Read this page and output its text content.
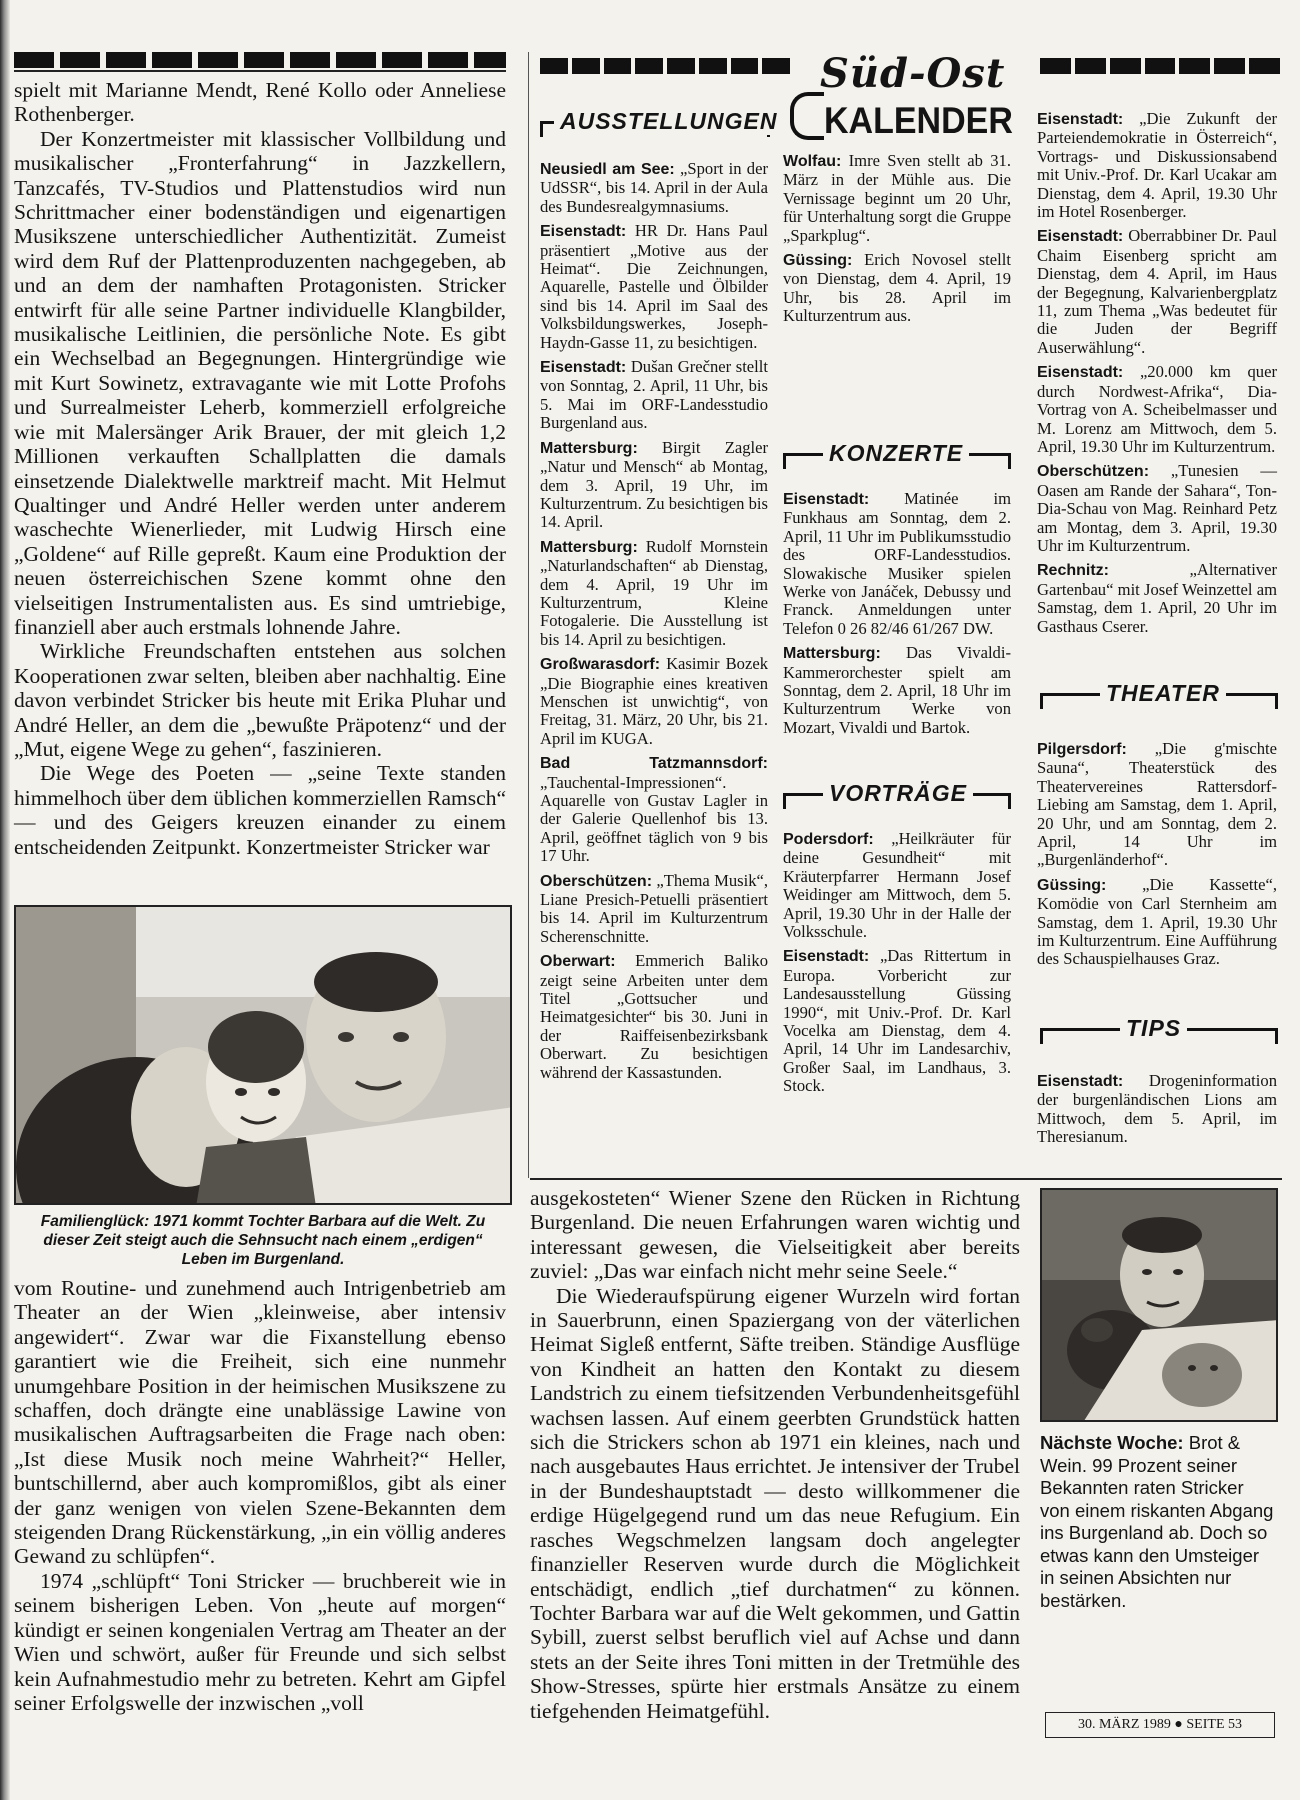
spielt mit Marianne Mendt, René Kollo oder Anneliese Rothenberger.

Der Konzertmeister mit klassischer Vollbildung und musikalischer „Fronterfahrung“ in Jazzkellern, Tanzcafés, TV-Studios und Plattenstudios wird nun Schrittmacher einer bodenständigen und eigenartigen Musikszene unterschiedlicher Authentizität. Zumeist wird dem Ruf der Plattenproduzenten nachgegeben, ab und an dem der namhaften Protagonisten. Stricker entwirft für alle seine Partner individuelle Klangbilder, musikalische Leitlinien, die persönliche Note. Es gibt ein Wechselbad an Begegnungen. Hintergründige wie mit Kurt Sowinetz, extravagante wie mit Lotte Profohs und Surrealmeister Leherb, kommerziell erfolgreiche wie mit Malersänger Arik Brauer, der mit gleich 1,2 Millionen verkauften Schallplatten die damals einsetzende Dialektwelle marktreif macht. Mit Helmut Qualtinger und André Heller werden unter anderem waschechte Wienerlieder, mit Ludwig Hirsch eine „Goldene“ auf Rille gepreßt. Kaum eine Produktion der neuen österreichischen Szene kommt ohne den vielseitigen Instrumentalisten aus. Es sind umtriebige, finanziell aber auch erstmals lohnende Jahre.

Wirkliche Freundschaften entstehen aus solchen Kooperationen zwar selten, bleiben aber nachhaltig. Eine davon verbindet Stricker bis heute mit Erika Pluhar und André Heller, an dem die „bewußte Präpotenz“ und der „Mut, eigene Wege zu gehen“, faszinieren.

Die Wege des Poeten — „seine Texte standen himmelhoch über dem üblichen kommerziellen Ramsch“ — und des Geigers kreuzen einander zu einem entscheidenden Zeitpunkt. Konzertmeister Stricker war

Familienglück: 1971 kommt Tochter Barbara auf die Welt. Zu dieser Zeit steigt auch die Sehnsucht nach einem „erdigen“ Leben im Burgenland.

vom Routine- und zunehmend auch Intrigenbetrieb am Theater an der Wien „kleinweise, aber intensiv angewidert“. Zwar war die Fixanstellung ebenso garantiert wie die Freiheit, sich eine nunmehr unumgehbare Position in der heimischen Musikszene zu schaffen, doch drängte eine unablässige Lawine von musikalischen Auftragsarbeiten die Frage nach oben: „Ist diese Musik noch meine Wahrheit?“ Heller, buntschillernd, aber auch kompromißlos, gibt als einer der ganz wenigen von vielen Szene-Bekannten dem steigenden Drang Rückenstärkung, „in ein völlig anderes Gewand zu schlüpfen“.

1974 „schlüpft“ Toni Stricker — bruchbereit wie in seinem bisherigen Leben. Von „heute auf morgen“ kündigt er seinen kongenialen Vertrag am Theater an der Wien und schwört, außer für Freunde und sich selbst kein Aufnahmestudio mehr zu betreten. Kehrt am Gipfel seiner Erfolgswelle der inzwischen „voll

Süd-Ost
KALENDER
AUSSTELLUNGEN

Neusiedl am See: „Sport in der UdSSR“, bis 14. April in der Aula des Bundesrealgymnasiums.

Eisenstadt: HR Dr. Hans Paul präsentiert „Motive aus der Heimat“. Die Zeichnungen, Aquarelle, Pastelle und Ölbilder sind bis 14. April im Saal des Volksbildungswerkes, Joseph-Haydn-Gasse 11, zu besichtigen.

Eisenstadt: Dušan Grečner stellt von Sonntag, 2. April, 11 Uhr, bis 5. Mai im ORF-Landesstudio Burgenland aus.

Mattersburg: Birgit Zagler „Natur und Mensch“ ab Montag, dem 3. April, 19 Uhr, im Kulturzentrum. Zu besichtigen bis 14. April.

Mattersburg: Rudolf Mornstein „Naturlandschaften“ ab Dienstag, dem 4. April, 19 Uhr im Kulturzentrum, Kleine Fotogalerie. Die Ausstellung ist bis 14. April zu besichtigen.

Großwarasdorf: Kasimir Bozek „Die Biographie eines kreativen Menschen ist unwichtig“, von Freitag, 31. März, 20 Uhr, bis 21. April im KUGA.

Bad Tatzmannsdorf: „Tauchental-Impressionen“. Aquarelle von Gustav Lagler in der Galerie Quellenhof bis 13. April, geöffnet täglich von 9 bis 17 Uhr.

Oberschützen: „Thema Musik“, Liane Presich-Petuelli präsentiert bis 14. April im Kulturzentrum Scherenschnitte.

Oberwart: Emmerich Baliko zeigt seine Arbeiten unter dem Titel „Gottsucher und Heimatgesichter“ bis 30. Juni in der Raiffeisenbezirksbank Oberwart. Zu besichtigen während der Kassastunden.

Wolfau: Imre Sven stellt ab 31. März in der Mühle aus. Die Vernissage beginnt um 20 Uhr, für Unterhaltung sorgt die Gruppe „Sparkplug“.

Güssing: Erich Novosel stellt von Dienstag, dem 4. April, 19 Uhr, bis 28. April im Kulturzentrum aus.

KONZERTE

Eisenstadt: Matinée im Funkhaus am Sonntag, dem 2. April, 11 Uhr im Publikumsstudio des ORF-Landesstudios. Slowakische Musiker spielen Werke von Janáček, Debussy und Franck. Anmeldungen unter Telefon 0 26 82/46 61/267 DW.

Mattersburg: Das Vivaldi-Kammerorchester spielt am Sonntag, dem 2. April, 18 Uhr im Kulturzentrum Werke von Mozart, Vivaldi und Bartok.

VORTRÄGE

Podersdorf: „Heilkräuter für deine Gesundheit“ mit Kräuterpfarrer Hermann Josef Weidinger am Mittwoch, dem 5. April, 19.30 Uhr in der Halle der Volksschule.

Eisenstadt: „Das Rittertum in Europa. Vorbericht zur Landesausstellung Güssing 1990“, mit Univ.-Prof. Dr. Karl Vocelka am Dienstag, dem 4. April, 14 Uhr im Landesarchiv, Großer Saal, im Landhaus, 3. Stock.

Eisenstadt: „Die Zukunft der Parteiendemokratie in Österreich“, Vortrags- und Diskussionsabend mit Univ.-Prof. Dr. Karl Ucakar am Dienstag, dem 4. April, 19.30 Uhr im Hotel Rosenberger.

Eisenstadt: Oberrabbiner Dr. Paul Chaim Eisenberg spricht am Dienstag, dem 4. April, im Haus der Begegnung, Kalvarienbergplatz 11, zum Thema „Was bedeutet für die Juden der Begriff Auserwählung“.

Eisenstadt: „20.000 km quer durch Nordwest-Afrika“, Dia-Vortrag von A. Scheibelmasser und M. Lorenz am Mittwoch, dem 5. April, 19.30 Uhr im Kulturzentrum.

Oberschützen: „Tunesien — Oasen am Rande der Sahara“, Ton-Dia-Schau von Mag. Reinhard Petz am Montag, dem 3. April, 19.30 Uhr im Kulturzentrum.

Rechnitz:	„Alternativer Gartenbau“ mit Josef Weinzettel am Samstag, dem 1. April, 20 Uhr im Gasthaus Cserer.

THEATER

Pilgersdorf: „Die g'mischte Sauna“, Theaterstück des Theatervereines Rattersdorf-Liebing am Samstag, dem 1. April, 20 Uhr, und am Sonntag, dem 2. April, 14 Uhr im „Burgenländerhof“.

Güssing: „Die Kassette“, Komödie von Carl Sternheim am Samstag, dem 1. April, 19.30 Uhr im Kulturzentrum. Eine Aufführung des Schauspielhauses Graz.

TIPS

Eisenstadt: Drogeninformation der burgenländischen Lions am Mittwoch, dem 5. April, im Theresianum.

ausgekosteten“ Wiener Szene den Rücken in Richtung Burgenland. Die neuen Erfahrungen waren wichtig und interessant gewesen, die Vielseitigkeit aber bereits zuviel: „Das war einfach nicht mehr seine Seele.“

Die Wiederaufspürung eigener Wurzeln wird fortan in Sauerbrunn, einen Spaziergang von der väterlichen Heimat Sigleß entfernt, Säfte treiben. Ständige Ausflüge von Kindheit an hatten den Kontakt zu diesem Landstrich zu einem tiefsitzenden Verbundenheitsgefühl wachsen lassen. Auf einem geerbten Grundstück hatten sich die Strickers schon ab 1971 ein kleines, nach und nach ausgebautes Haus errichtet. Je intensiver der Trubel in der Bundeshauptstadt — desto willkommener die erdige Hügelgegend rund um das neue Refugium. Ein rasches Wegschmelzen langsam doch angelegter finanzieller Reserven wurde durch die Möglichkeit entschädigt, endlich „tief durchatmen“ zu können. Tochter Barbara war auf die Welt gekommen, und Gattin Sybill, zuerst selbst beruflich viel auf Achse und dann stets an der Seite ihres Toni mitten in der Tretmühle des Show-Stresses, spürte hier erstmals Ansätze zu einem tiefgehenden Heimatgefühl.

Nächste Woche: Brot & Wein. 99 Prozent seiner Bekannten raten Stricker von einem riskanten Abgang ins Burgenland ab. Doch so etwas kann den Umsteiger in seinen Absichten nur bestärken.
30. MÄRZ 1989 ● SEITE 53
